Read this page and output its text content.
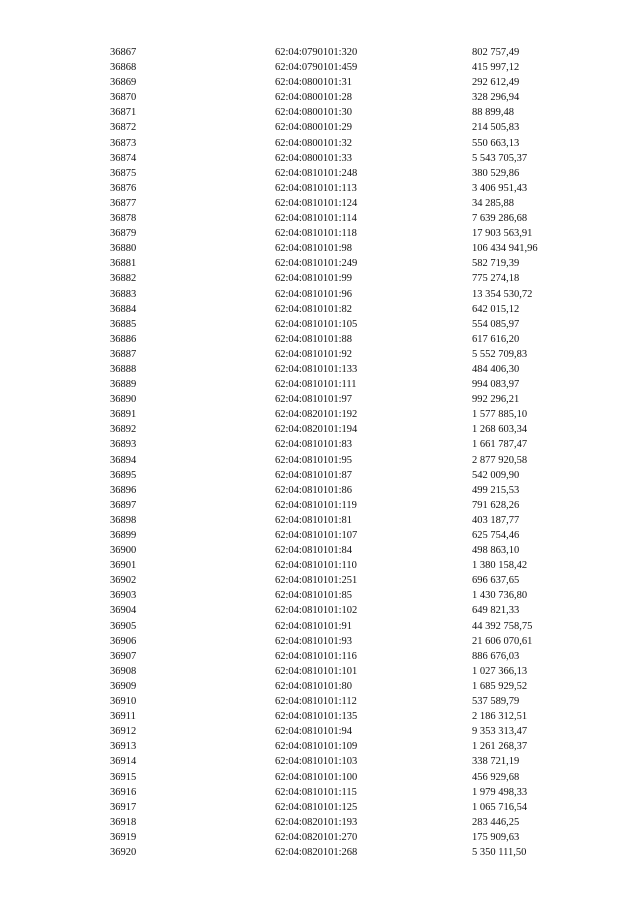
36867	62:04:0790101:320	802 757,49
36868	62:04:0790101:459	415 997,12
36869	62:04:0800101:31	292 612,49
36870	62:04:0800101:28	328 296,94
36871	62:04:0800101:30	88 899,48
36872	62:04:0800101:29	214 505,83
36873	62:04:0800101:32	550 663,13
36874	62:04:0800101:33	5 543 705,37
36875	62:04:0810101:248	380 529,86
36876	62:04:0810101:113	3 406 951,43
36877	62:04:0810101:124	34 285,88
36878	62:04:0810101:114	7 639 286,68
36879	62:04:0810101:118	17 903 563,91
36880	62:04:0810101:98	106 434 941,96
36881	62:04:0810101:249	582 719,39
36882	62:04:0810101:99	775 274,18
36883	62:04:0810101:96	13 354 530,72
36884	62:04:0810101:82	642 015,12
36885	62:04:0810101:105	554 085,97
36886	62:04:0810101:88	617 616,20
36887	62:04:0810101:92	5 552 709,83
36888	62:04:0810101:133	484 406,30
36889	62:04:0810101:111	994 083,97
36890	62:04:0810101:97	992 296,21
36891	62:04:0820101:192	1 577 885,10
36892	62:04:0820101:194	1 268 603,34
36893	62:04:0810101:83	1 661 787,47
36894	62:04:0810101:95	2 877 920,58
36895	62:04:0810101:87	542 009,90
36896	62:04:0810101:86	499 215,53
36897	62:04:0810101:119	791 628,26
36898	62:04:0810101:81	403 187,77
36899	62:04:0810101:107	625 754,46
36900	62:04:0810101:84	498 863,10
36901	62:04:0810101:110	1 380 158,42
36902	62:04:0810101:251	696 637,65
36903	62:04:0810101:85	1 430 736,80
36904	62:04:0810101:102	649 821,33
36905	62:04:0810101:91	44 392 758,75
36906	62:04:0810101:93	21 606 070,61
36907	62:04:0810101:116	886 676,03
36908	62:04:0810101:101	1 027 366,13
36909	62:04:0810101:80	1 685 929,52
36910	62:04:0810101:112	537 589,79
36911	62:04:0810101:135	2 186 312,51
36912	62:04:0810101:94	9 353 313,47
36913	62:04:0810101:109	1 261 268,37
36914	62:04:0810101:103	338 721,19
36915	62:04:0810101:100	456 929,68
36916	62:04:0810101:115	1 979 498,33
36917	62:04:0810101:125	1 065 716,54
36918	62:04:0820101:193	283 446,25
36919	62:04:0820101:270	175 909,63
36920	62:04:0820101:268	5 350 111,50
